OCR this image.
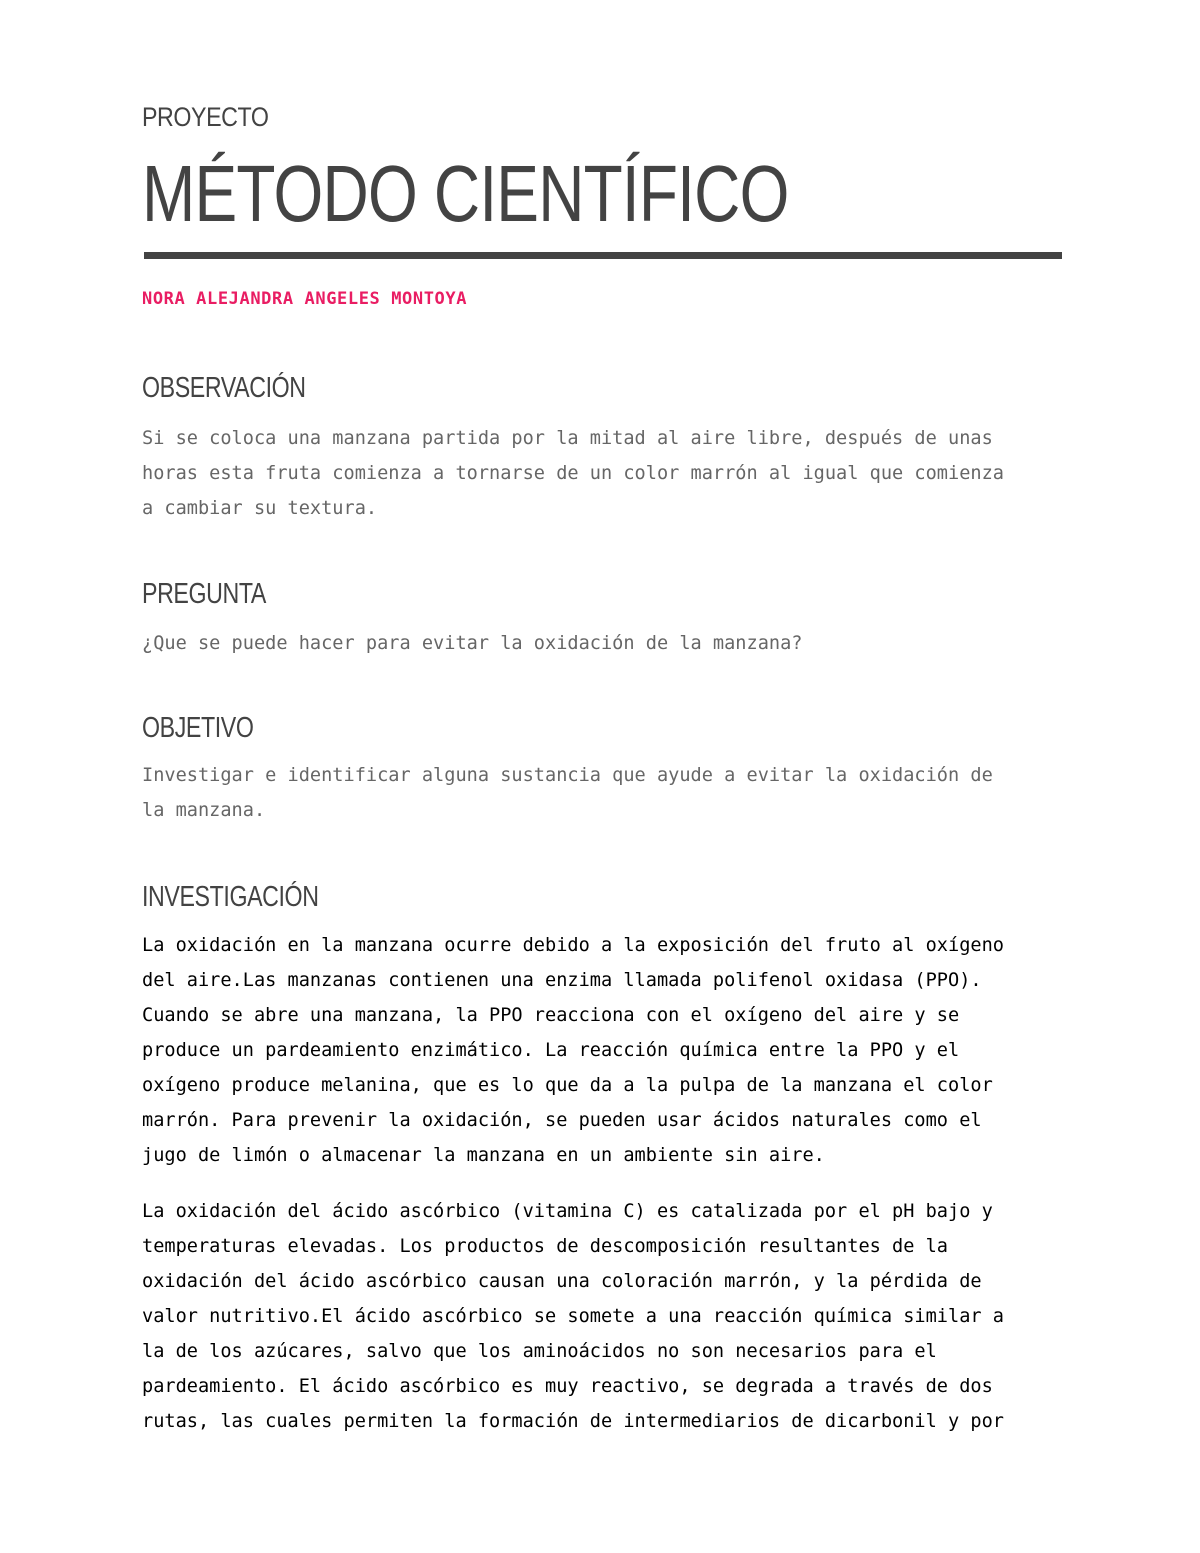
PROYECTO
MÉTODO CIENTÍFICO
NORA ALEJANDRA ANGELES MONTOYA
OBSERVACIÓN
Si se coloca una manzana partida por la mitad al aire libre, después de unas
horas esta fruta comienza a tornarse de un color marrón al igual que comienza
a cambiar su textura.
PREGUNTA
¿Que se puede hacer para evitar la oxidación de la manzana?
OBJETIVO
Investigar e identificar alguna sustancia que ayude a evitar la oxidación de
la manzana.
INVESTIGACIÓN
La oxidación en la manzana ocurre debido a la exposición del fruto al oxígeno
del aire.Las manzanas contienen una enzima llamada polifenol oxidasa (PPO).
Cuando se abre una manzana, la PPO reacciona con el oxígeno del aire y se
produce un pardeamiento enzimático. La reacción química entre la PPO y el
oxígeno produce melanina, que es lo que da a la pulpa de la manzana el color
marrón. Para prevenir la oxidación, se pueden usar ácidos naturales como el
jugo de limón o almacenar la manzana en un ambiente sin aire.
La oxidación del ácido ascórbico (vitamina C) es catalizada por el pH bajo y
temperaturas elevadas. Los productos de descomposición resultantes de la
oxidación del ácido ascórbico causan una coloración marrón, y la pérdida de
valor nutritivo.El ácido ascórbico se somete a una reacción química similar a
la de los azúcares, salvo que los aminoácidos no son necesarios para el
pardeamiento. El ácido ascórbico es muy reactivo, se degrada a través de dos
rutas, las cuales permiten la formación de intermediarios de dicarbonil y por
